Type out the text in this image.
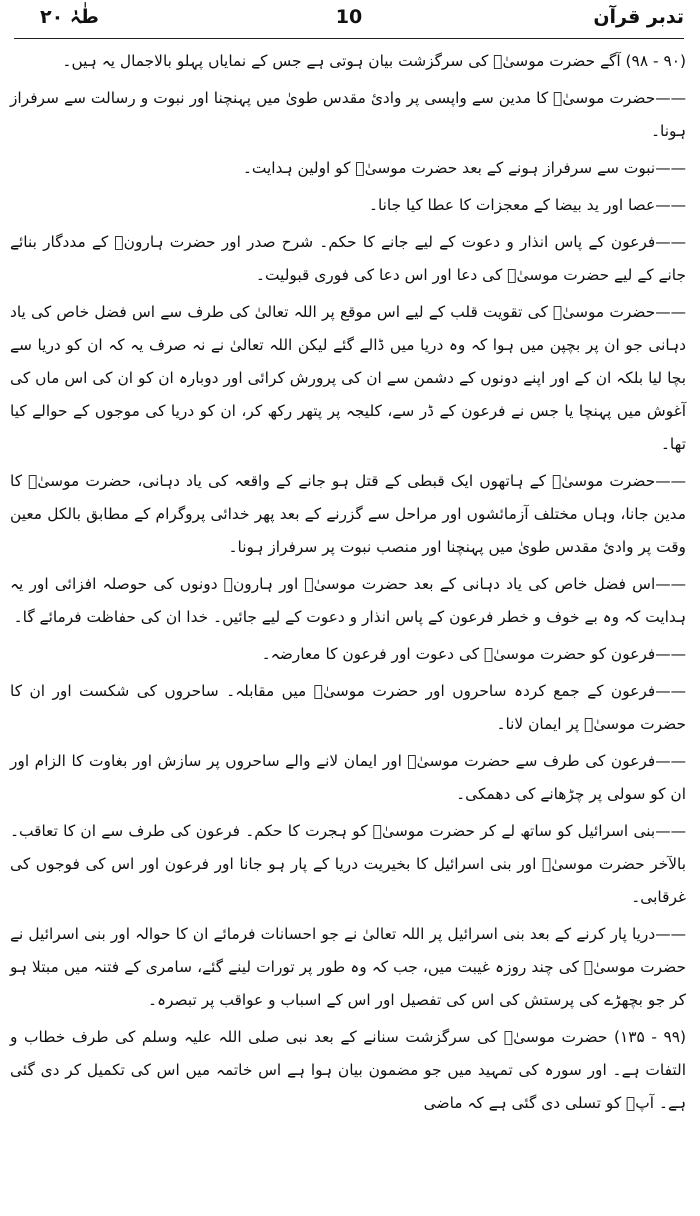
تدبر قرآن
10
طٰہٰ ۲۰

(۹۰ - ۹۸) آگے حضرت موسیٰؑ کی سرگزشت بیان ہوتی ہے جس کے نمایاں پہلو بالاجمال یہ ہیں۔

—— حضرت موسیٰؑ کا مدین سے واپسی پر وادیٔ مقدس طویٰ میں پہنچنا اور نبوت و رسالت سے سرفراز ہونا۔

—— نبوت سے سرفراز ہونے کے بعد حضرت موسیٰؑ کو اولین ہدایت۔

—— عصا اور ید بیضا کے معجزات کا عطا کیا جانا۔

—— فرعون کے پاس انذار و دعوت کے لیے جانے کا حکم۔ شرح صدر اور حضرت ہارونؑ کے مددگار بنائے جانے کے لیے حضرت موسیٰؑ کی دعا اور اس دعا کی فوری قبولیت۔

—— حضرت موسیٰؑ کی تقویت قلب کے لیے اس موقع پر اللہ تعالیٰ کی طرف سے اس فضل خاص کی یاد دہانی جو ان پر بچپن میں ہوا کہ وہ دریا میں ڈالے گئے لیکن اللہ تعالیٰ نے نہ صرف یہ کہ ان کو دریا سے بچا لیا بلکہ ان کے اور اپنے دونوں کے دشمن سے ان کی پرورش کرائی اور دوبارہ ان کو ان کی اس ماں کی آغوش میں پہنچا یا جس نے فرعون کے ڈر سے، کلیجہ پر پتھر رکھ کر، ان کو دریا کی موجوں کے حوالے کیا تھا۔

—— حضرت موسیٰؑ کے ہاتھوں ایک قبطی کے قتل ہو جانے کے واقعہ کی یاد دہانی، حضرت موسیٰؑ کا مدین جانا، وہاں مختلف آزمائشوں اور مراحل سے گزرنے کے بعد پھر خدائی پروگرام کے مطابق بالکل معین وقت پر وادیٔ مقدس طویٰ میں پہنچنا اور منصب نبوت پر سرفراز ہونا۔

—— اس فضل خاص کی یاد دہانی کے بعد حضرت موسیٰؑ اور ہارونؑ دونوں کی حوصلہ افزائی اور یہ ہدایت کہ وہ بے خوف و خطر فرعون کے پاس انذار و دعوت کے لیے جائیں۔ خدا ان کی حفاظت فرمائے گا۔

—— فرعون کو حضرت موسیٰؑ کی دعوت اور فرعون کا معارضہ۔

—— فرعون کے جمع کردہ ساحروں اور حضرت موسیٰؑ میں مقابلہ۔ ساحروں کی شکست اور ان کا حضرت موسیٰؑ پر ایمان لانا۔

—— فرعون کی طرف سے حضرت موسیٰؑ اور ایمان لانے والے ساحروں پر سازش اور بغاوت کا الزام اور ان کو سولی پر چڑھانے کی دھمکی۔

—— بنی اسرائیل کو ساتھ لے کر حضرت موسیٰؑ کو ہجرت کا حکم۔ فرعون کی طرف سے ان کا تعاقب۔ بالآخر حضرت موسیٰؑ اور بنی اسرائیل کا بخیریت دریا کے پار ہو جانا اور فرعون اور اس کی فوجوں کی غرقابی۔

—— دریا پار کرنے کے بعد بنی اسرائیل پر اللہ تعالیٰ نے جو احسانات فرمائے ان کا حوالہ اور بنی اسرائیل نے حضرت موسیٰؑ کی چند روزہ غیبت میں، جب کہ وہ طور پر تورات لینے گئے، سامری کے فتنہ میں مبتلا ہو کر جو بچھڑے کی پرستش کی اس کی تفصیل اور اس کے اسباب و عواقب پر تبصرہ۔

(۹۹ - ۱۳۵) حضرت موسیٰؑ کی سرگزشت سنانے کے بعد نبی صلی اللہ علیہ وسلم کی طرف خطاب و التفات ہے۔ اور سورہ کی تمہید میں جو مضمون بیان ہوا ہے اس خاتمہ میں اس کی تکمیل کر دی گئی ہے۔ آپؐ کو تسلی دی گئی ہے کہ ماضی
